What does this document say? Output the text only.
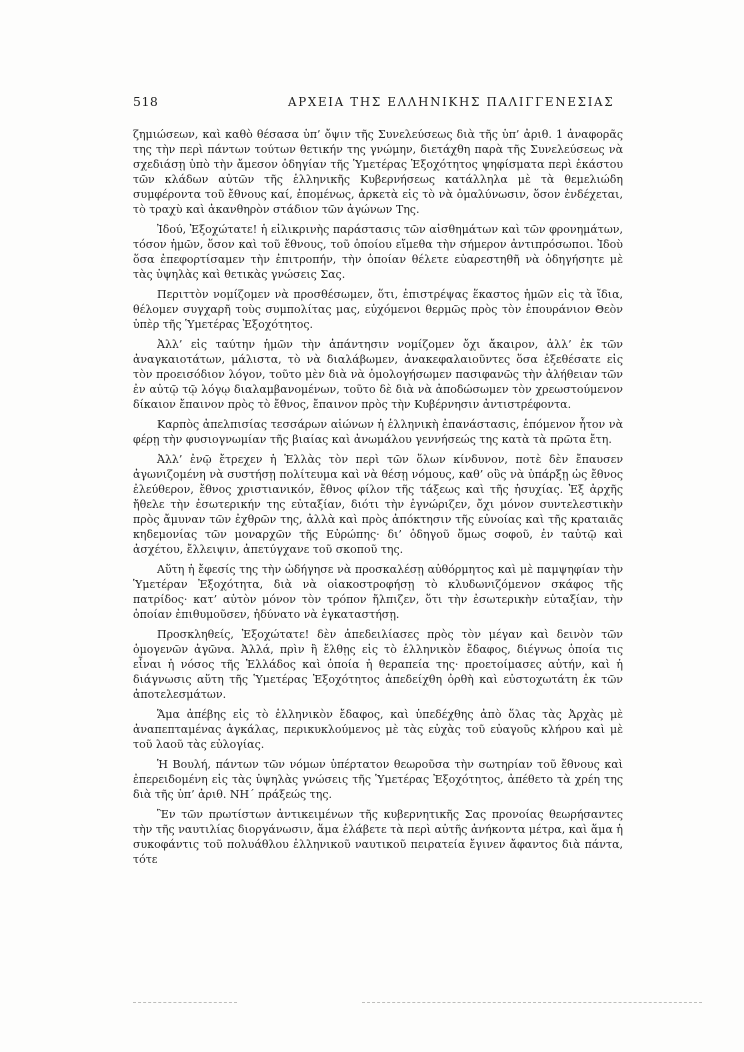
518	ΑΡΧΕΙΑ ΤΗΣ ΕΛΛΗΝΙΚΗΣ ΠΑΛΙΓΓΕΝΕΣΙΑΣ

ζημιώσεων, καὶ καθὸ θέσασα ὑπ’ ὄψιν τῆς Συνελεύσεως διὰ τῆς ὑπ’ ἀριθ. 1 ἀναφορᾶς της τὴν περὶ πάντων τούτων θετικήν της γνώμην, διετάχθη παρὰ τῆς Συνελεύσεως νὰ σχεδιάσῃ ὑπὸ τὴν ἄμεσον ὁδηγίαν τῆς Ὑμετέρας Ἐξοχότητος ψηφίσματα περὶ ἑκάστου τῶν κλάδων αὐτῶν τῆς ἑλληνικῆς Κυβερνήσεως κατάλληλα μὲ τὰ θεμελιώδη συμφέροντα τοῦ ἔθνους καί, ἑπομένως, ἀρκετὰ εἰς τὸ νὰ ὁμαλύνωσιν, ὅσον ἐνδέχεται, τὸ τραχὺ καὶ ἀκανθηρὸν στάδιον τῶν ἀγώνων Της.

Ἰδού, Ἐξοχώτατε! ἡ εἰλικρινὴς παράστασις τῶν αἰσθημάτων καὶ τῶν φρονημάτων, τόσον ἡμῶν, ὅσον καὶ τοῦ ἔθνους, τοῦ ὁποίου εἴμεθα τὴν σήμερον ἀντιπρόσωποι. Ἰδοὺ ὅσα ἐπεφορτίσαμεν τὴν ἐπιτροπήν, τὴν ὁποίαν θέλετε εὐαρεστηθῆ νὰ ὁδηγήσητε μὲ τὰς ὑψηλὰς καὶ θετικὰς γνώσεις Σας.

Περιττὸν νομίζομεν νὰ προσθέσωμεν, ὅτι, ἐπιστρέψας ἕκαστος ἡμῶν εἰς τὰ ἴδια, θέλομεν συγχαρῆ τοὺς συμπολίτας μας, εὐχόμενοι θερμῶς πρὸς τὸν ἐπουράνιον Θεὸν ὑπὲρ τῆς Ὑμετέρας Ἐξοχότητος.

Ἀλλ’ εἰς ταύτην ἡμῶν τὴν ἀπάντησιν νομίζομεν ὄχι ἄκαιρον, ἀλλ’ ἐκ τῶν ἀναγκαιοτάτων, μάλιστα, τὸ νὰ διαλάβωμεν, ἀνακεφαλαιοῦντες ὅσα ἐξεθέσατε εἰς τὸν προεισόδιον λόγον, τοῦτο μὲν διὰ νὰ ὁμολογήσωμεν πασιφανῶς τὴν ἀλήθειαν τῶν ἐν αὐτῷ τῷ λόγῳ διαλαμβανομένων, τοῦτο δὲ διὰ νὰ ἀποδώσωμεν τὸν χρεωστούμενον δίκαιον ἔπαινον πρὸς τὸ ἔθνος, ἔπαινον πρὸς τὴν Κυβέρνησιν ἀντιστρέφοντα.

Καρπὸς ἀπελπισίας τεσσάρων αἰώνων ἡ ἑλληνικὴ ἐπανάστασις, ἑπόμενον ἦτον νὰ φέρῃ τὴν φυσιογνωμίαν τῆς βιαίας καὶ ἀνωμάλου γεννήσεώς της κατὰ τὰ πρῶτα ἔτη.

Ἀλλ’ ἐνῷ ἔτρεχεν ἡ Ἑλλὰς τὸν περὶ τῶν ὅλων κίνδυνον, ποτὲ δὲν ἔπαυσεν ἀγωνιζομένη νὰ συστήσῃ πολίτευμα καὶ νὰ θέσῃ νόμους, καθ’ οὓς νὰ ὑπάρξῃ ὡς ἔθνος ἐλεύθερον, ἔθνος χριστιανικόν, ἔθνος φίλον τῆς τάξεως καὶ τῆς ἡσυχίας. Ἐξ ἀρχῆς ἤθελε τὴν ἐσωτερικήν της εὐταξίαν, διότι τὴν ἐγνώριζεν, ὄχι μόνον συντελεστικὴν πρὸς ἄμυναν τῶν ἐχθρῶν της, ἀλλὰ καὶ πρὸς ἀπόκτησιν τῆς εὐνοίας καὶ τῆς κραταιᾶς κηδεμονίας τῶν μοναρχῶν τῆς Εὐρώπης· δι’ ὁδηγοῦ ὅμως σοφοῦ, ἐν ταὐτῷ καὶ ἀσχέτου, ἔλλειψιν, ἀπετύγχανε τοῦ σκοποῦ της.

Αὕτη ἡ ἔφεσίς της τὴν ὡδήγησε νὰ προσκαλέσῃ αὐθόρμητος καὶ μὲ παμψηφίαν τὴν Ὑμετέραν Ἐξοχότητα, διὰ νὰ οἰακοστροφήσῃ τὸ κλυδωνιζόμενον σκάφος τῆς πατρίδος· κατ’ αὐτὸν μόνον τὸν τρόπον ἤλπιζεν, ὅτι τὴν ἐσωτερικὴν εὐταξίαν, τὴν ὁποίαν ἐπιθυμοῦσεν, ἠδύνατο νὰ ἐγκαταστήσῃ.

Προσκληθείς, Ἐξοχώτατε! δὲν ἀπεδειλίασες πρὸς τὸν μέγαν καὶ δεινὸν τῶν ὁμογενῶν ἀγῶνα. Ἀλλά, πρὶν ἢ ἔλθῃς εἰς τὸ ἑλληνικὸν ἔδαφος, διέγνως ὁποία τις εἶναι ἡ νόσος τῆς Ἑλλάδος καὶ ὁποία ἡ θεραπεία της· προετοίμασες αὐτήν, καὶ ἡ διάγνωσις αὕτη τῆς Ὑμετέρας Ἐξοχότητος ἀπεδείχθη ὀρθὴ καὶ εὐστοχωτάτη ἐκ τῶν ἀποτελεσμάτων.

Ἅμα ἀπέβης εἰς τὸ ἑλληνικὸν ἔδαφος, καὶ ὑπεδέχθης ἀπὸ ὅλας τὰς Ἀρχὰς μὲ ἀναπεπταμένας ἀγκάλας, περικυκλούμενος μὲ τὰς εὐχὰς τοῦ εὐαγοῦς κλήρου καὶ μὲ τοῦ λαοῦ τὰς εὐλογίας.

Ἡ Βουλή, πάντων τῶν νόμων ὑπέρτατον θεωροῦσα τὴν σωτηρίαν τοῦ ἔθνους καὶ ἐπερειδομένη εἰς τὰς ὑψηλὰς γνώσεις τῆς Ὑμετέρας Ἐξοχότητος, ἀπέθετο τὰ χρέη της διὰ τῆς ὑπ’ ἀριθ. ΝΗ´ πράξεώς της.

Ἓν τῶν πρωτίστων ἀντικειμένων τῆς κυβερνητικῆς Σας προνοίας θεωρήσαντες τὴν τῆς ναυτιλίας διοργάνωσιν, ἅμα ἐλάβετε τὰ περὶ αὐτῆς ἀνήκοντα μέτρα, καὶ ἅμα ἡ συκοφάντις τοῦ πολυάθλου ἑλληνικοῦ ναυτικοῦ πειρατεία ἔγινεν ἄφαντος διὰ πάντα, τότε
